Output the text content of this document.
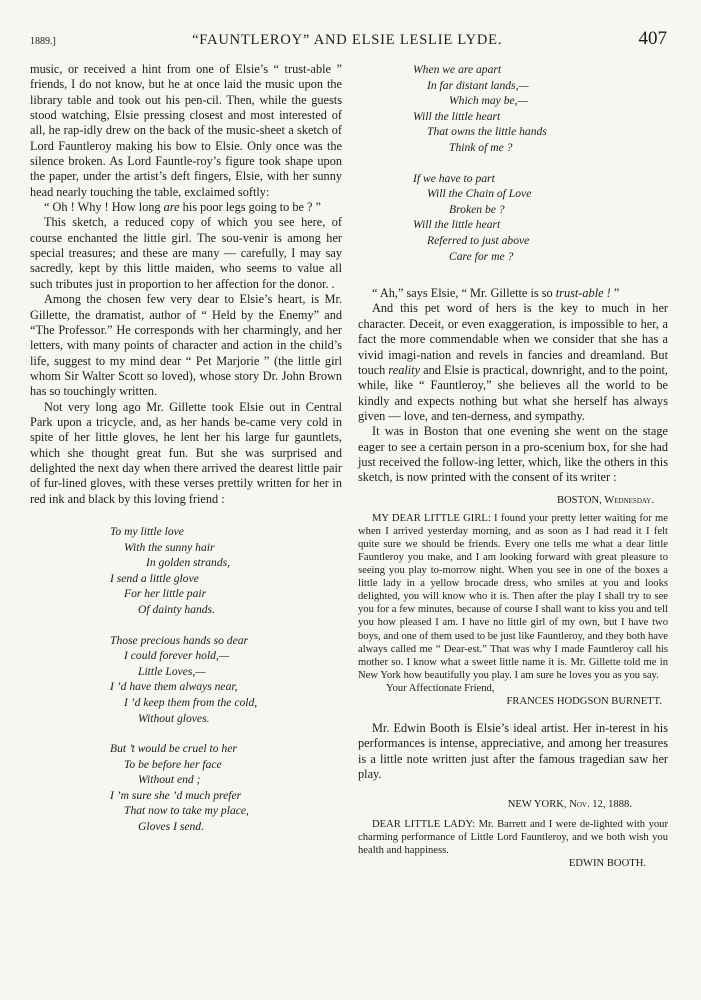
1889.]	“FAUNTLEROY” AND ELSIE LESLIE LYDE.	407

music, or received a hint from one of Elsie’s “ trust-able ” friends, I do not know, but he at once laid the music upon the library table and took out his pen-cil. Then, while the guests stood watching, Elsie pressing closest and most interested of all, he rap-idly drew on the back of the music-sheet a sketch of Lord Fauntleroy making his bow to Elsie. Only once was the silence broken. As Lord Fauntle-roy’s figure took shape upon the paper, under the artist’s deft fingers, Elsie, with her sunny head nearly touching the table, exclaimed softly:

“ Oh ! Why ! How long are his poor legs going to be ? ”

This sketch, a reduced copy of which you see here, of course enchanted the little girl. The sou-venir is among her special treasures; and these are many — carefully, I may say sacredly, kept by this little maiden, who seems to value all such tributes just in proportion to her affection for the donor. .

Among the chosen few very dear to Elsie’s heart, is Mr. Gillette, the dramatist, author of “ Held by the Enemy” and “The Professor.” He corresponds with her charmingly, and her letters, with many points of character and action in the child’s life, suggest to my mind dear “ Pet Marjorie ” (the little girl whom Sir Walter Scott so loved), whose story Dr. John Brown has so touchingly written.

Not very long ago Mr. Gillette took Elsie out in Central Park upon a tricycle, and, as her hands be-came very cold in spite of her little gloves, he lent her his large fur gauntlets, which she thought great fun. But she was surprised and delighted the next day when there arrived the dearest little pair of fur-lined gloves, with these verses prettily written for her in red ink and black by this loving friend :

To my little love
With the sunny hair
In golden strands,
I send a little glove
For her little pair
Of dainty hands.
Those precious hands so dear
I could forever hold,—
Little Loves,—
I ’d have them always near,
I ’d keep them from the cold,
Without gloves.
But ’t would be cruel to her
To be before her face
Without end ;
I ’m sure she ’d much prefer
That now to take my place,
Gloves I send.
When we are apart
In far distant lands,—
Which may be,—
Will the little heart
That owns the little hands
Think of me ?
If we have to part
Will the Chain of Love
Broken be ?
Will the little heart
Referred to just above
Care for me ?

“ Ah,” says Elsie, “ Mr. Gillette is so trust-able ! ”

And this pet word of hers is the key to much in her character. Deceit, or even exaggeration, is impossible to her, a fact the more commendable when we consider that she has a vivid imagi-nation and revels in fancies and dreamland. But touch reality and Elsie is practical, downright, and to the point, while, like “ Fauntleroy,” she believes all the world to be kindly and expects nothing but what she herself has always given — love, and ten-derness, and sympathy.

It was in Boston that one evening she went on the stage eager to see a certain person in a pro-scenium box, for she had just received the follow-ing letter, which, like the others in this sketch, is now printed with the consent of its writer :

BOSTON, Wednesday.

MY DEAR LITTLE GIRL: I found your pretty letter waiting for me when I arrived yesterday morning, and as soon as I had read it I felt quite sure we should be friends. Every one tells me what a dear little Fauntleroy you make, and I am looking forward with great pleasure to seeing you play to-morrow night. When you see in one of the boxes a little lady in a yellow brocade dress, who smiles at you and looks delighted, you will know who it is. Then after the play I shall try to see you for a few minutes, because of course I shall want to kiss you and tell you how pleased I am. I have no little girl of my own, but I have two boys, and one of them used to be just like Fauntleroy, and they both have always called me “ Dear-est.” That was why I made Fauntleroy call his mother so. I know what a sweet little name it is. Mr. Gillette told me in New York how beautifully you play. I am sure he loves you as you say.

Your Affectionate Friend,
FRANCES HODGSON BURNETT.

Mr. Edwin Booth is Elsie’s ideal artist. Her in-terest in his performances is intense, appreciative, and among her treasures is a little note written just after the famous tragedian saw her play.

NEW YORK, Nov. 12, 1888.

DEAR LITTLE LADY: Mr. Barrett and I were de-lighted with your charming performance of Little Lord Fauntleroy, and we both wish you health and happiness.

EDWIN BOOTH.
